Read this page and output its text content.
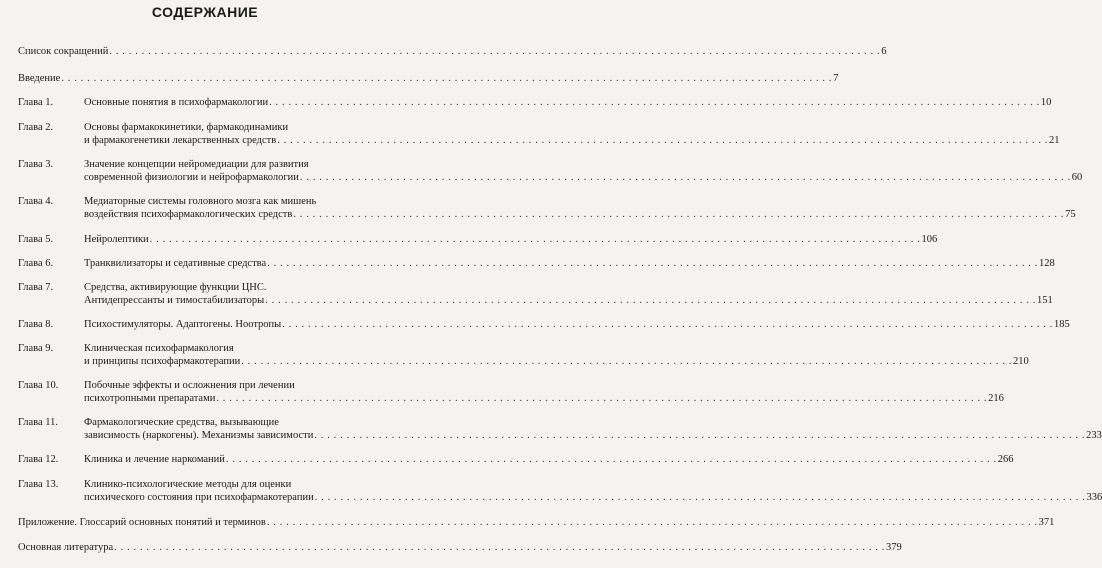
СОДЕРЖАНИЕ
Список сокращений . . . . . . . . . . . . . . . . . . . . . . . . . . . . . . . . . . . . . . . . . . . . . . . . . . . . . . . . . . . . . . . . . . . . . . . . . . . . . . . . . . . . . . . . . . . . . . . . . . . . . . . . . . . . . . . . . . . . . . . . 6
Введение . . . . . . . . . . . . . . . . . . . . . . . . . . . . . . . . . . . . . . . . . . . . . . . . . . . . . . . . . . . . . . . . . . . . . . . . . . . . . . . . . . . . . . . . . . . . . . . . . . . . . . . . . . . . . . . . . . . . . . . . 7
Глава 1.	Основные понятия в психофармакологии . . . . . . . . . . . . . . . . . . . . . . . . . . . . . . . . . . . . . . . . . . . . . . . . . . . . . . . . . . . . . . . . . . . . . . . . . . . . . . . . . . . . . . . . . . . . . . . . . . . . . . . . . . . . . . . . . . . . . . . . 10
Глава 2.	Основы фармакокинетики, фармакодинамики
и фармакогенетики лекарственных средств . . . . . . . . . . . . . . . . . . . . . . . . . . . . . . . . . . . . . . . . . . . . . . . . . . . . . . . . . . . . . . . . . . . . . . . . . . . . . . . . . . . . . . . . . . . . . . . . . . . . . . . . . . . . . . . . . . . . . . . . 21
Глава 3.	Значение концепции нейромедиации для развития
современной физиологии и нейрофармакологии . . . . . . . . . . . . . . . . . . . . . . . . . . . . . . . . . . . . . . . . . . . . . . . . . . . . . . . . . . . . . . . . . . . . . . . . . . . . . . . . . . . . . . . . . . . . . . . . . . . . . . . . . . . . . . . . . . . . . . . . 60
Глава 4.	Медиаторные системы головного мозга как мишень
воздействия психофармакологических средств . . . . . . . . . . . . . . . . . . . . . . . . . . . . . . . . . . . . . . . . . . . . . . . . . . . . . . . . . . . . . . . . . . . . . . . . . . . . . . . . . . . . . . . . . . . . . . . . . . . . . . . . . . . . . . . . . . . . . . . . 75
Глава 5.	Нейролептики . . . . . . . . . . . . . . . . . . . . . . . . . . . . . . . . . . . . . . . . . . . . . . . . . . . . . . . . . . . . . . . . . . . . . . . . . . . . . . . . . . . . . . . . . . . . . . . . . . . . . . . . . . . . . . . . . . . . . . . . 106
Глава 6.	Транквилизаторы и седативные средства . . . . . . . . . . . . . . . . . . . . . . . . . . . . . . . . . . . . . . . . . . . . . . . . . . . . . . . . . . . . . . . . . . . . . . . . . . . . . . . . . . . . . . . . . . . . . . . . . . . . . . . . . . . . . . . . . . . . . . . . 128
Глава 7.	Средства, активирующие функции ЦНС.
Антидепрессанты и тимостабилизаторы . . . . . . . . . . . . . . . . . . . . . . . . . . . . . . . . . . . . . . . . . . . . . . . . . . . . . . . . . . . . . . . . . . . . . . . . . . . . . . . . . . . . . . . . . . . . . . . . . . . . . . . . . . . . . . . . . . . . . . . . 151
Глава 8.	Психостимуляторы. Адаптогены. Ноотропы . . . . . . . . . . . . . . . . . . . . . . . . . . . . . . . . . . . . . . . . . . . . . . . . . . . . . . . . . . . . . . . . . . . . . . . . . . . . . . . . . . . . . . . . . . . . . . . . . . . . . . . . . . . . . . . . . . . . . . . . 185
Глава 9.	Клиническая психофармакология
и принципы психофармакотерапии . . . . . . . . . . . . . . . . . . . . . . . . . . . . . . . . . . . . . . . . . . . . . . . . . . . . . . . . . . . . . . . . . . . . . . . . . . . . . . . . . . . . . . . . . . . . . . . . . . . . . . . . . . . . . . . . . . . . . . . . 210
Глава 10.	Побочные эффекты и осложнения при лечении
психотропными препаратами . . . . . . . . . . . . . . . . . . . . . . . . . . . . . . . . . . . . . . . . . . . . . . . . . . . . . . . . . . . . . . . . . . . . . . . . . . . . . . . . . . . . . . . . . . . . . . . . . . . . . . . . . . . . . . . . . . . . . . . . 216
Глава 11.	Фармакологические средства, вызывающие
зависимость (наркогены). Механизмы зависимости . . . . . . . . . . . . . . . . . . . . . . . . . . . . . . . . . . . . . . . . . . . . . . . . . . . . . . . . . . . . . . . . . . . . . . . . . . . . . . . . . . . . . . . . . . . . . . . . . . . . . . . . . . . . . . . . . . . . . . . . 233
Глава 12.	Клиника и лечение наркоманий . . . . . . . . . . . . . . . . . . . . . . . . . . . . . . . . . . . . . . . . . . . . . . . . . . . . . . . . . . . . . . . . . . . . . . . . . . . . . . . . . . . . . . . . . . . . . . . . . . . . . . . . . . . . . . . . . . . . . . . . 266
Глава 13.	Клинико-психологические методы для оценки
психического состояния при психофармакотерапии . . . . . . . . . . . . . . . . . . . . . . . . . . . . . . . . . . . . . . . . . . . . . . . . . . . . . . . . . . . . . . . . . . . . . . . . . . . . . . . . . . . . . . . . . . . . . . . . . . . . . . . . . . . . . . . . . . . . . . . . 336
Приложение. Глоссарий основных понятий и терминов . . . . . . . . . . . . . . . . . . . . . . . . . . . . . . . . . . . . . . . . . . . . . . . . . . . . . . . . . . . . . . . . . . . . . . . . . . . . . . . . . . . . . . . . . . . . . . . . . . . . . . . . . . . . . . . . . . . . . . . . 371
Основная литература . . . . . . . . . . . . . . . . . . . . . . . . . . . . . . . . . . . . . . . . . . . . . . . . . . . . . . . . . . . . . . . . . . . . . . . . . . . . . . . . . . . . . . . . . . . . . . . . . . . . . . . . . . . . . . . . . . . . . . . . 379
